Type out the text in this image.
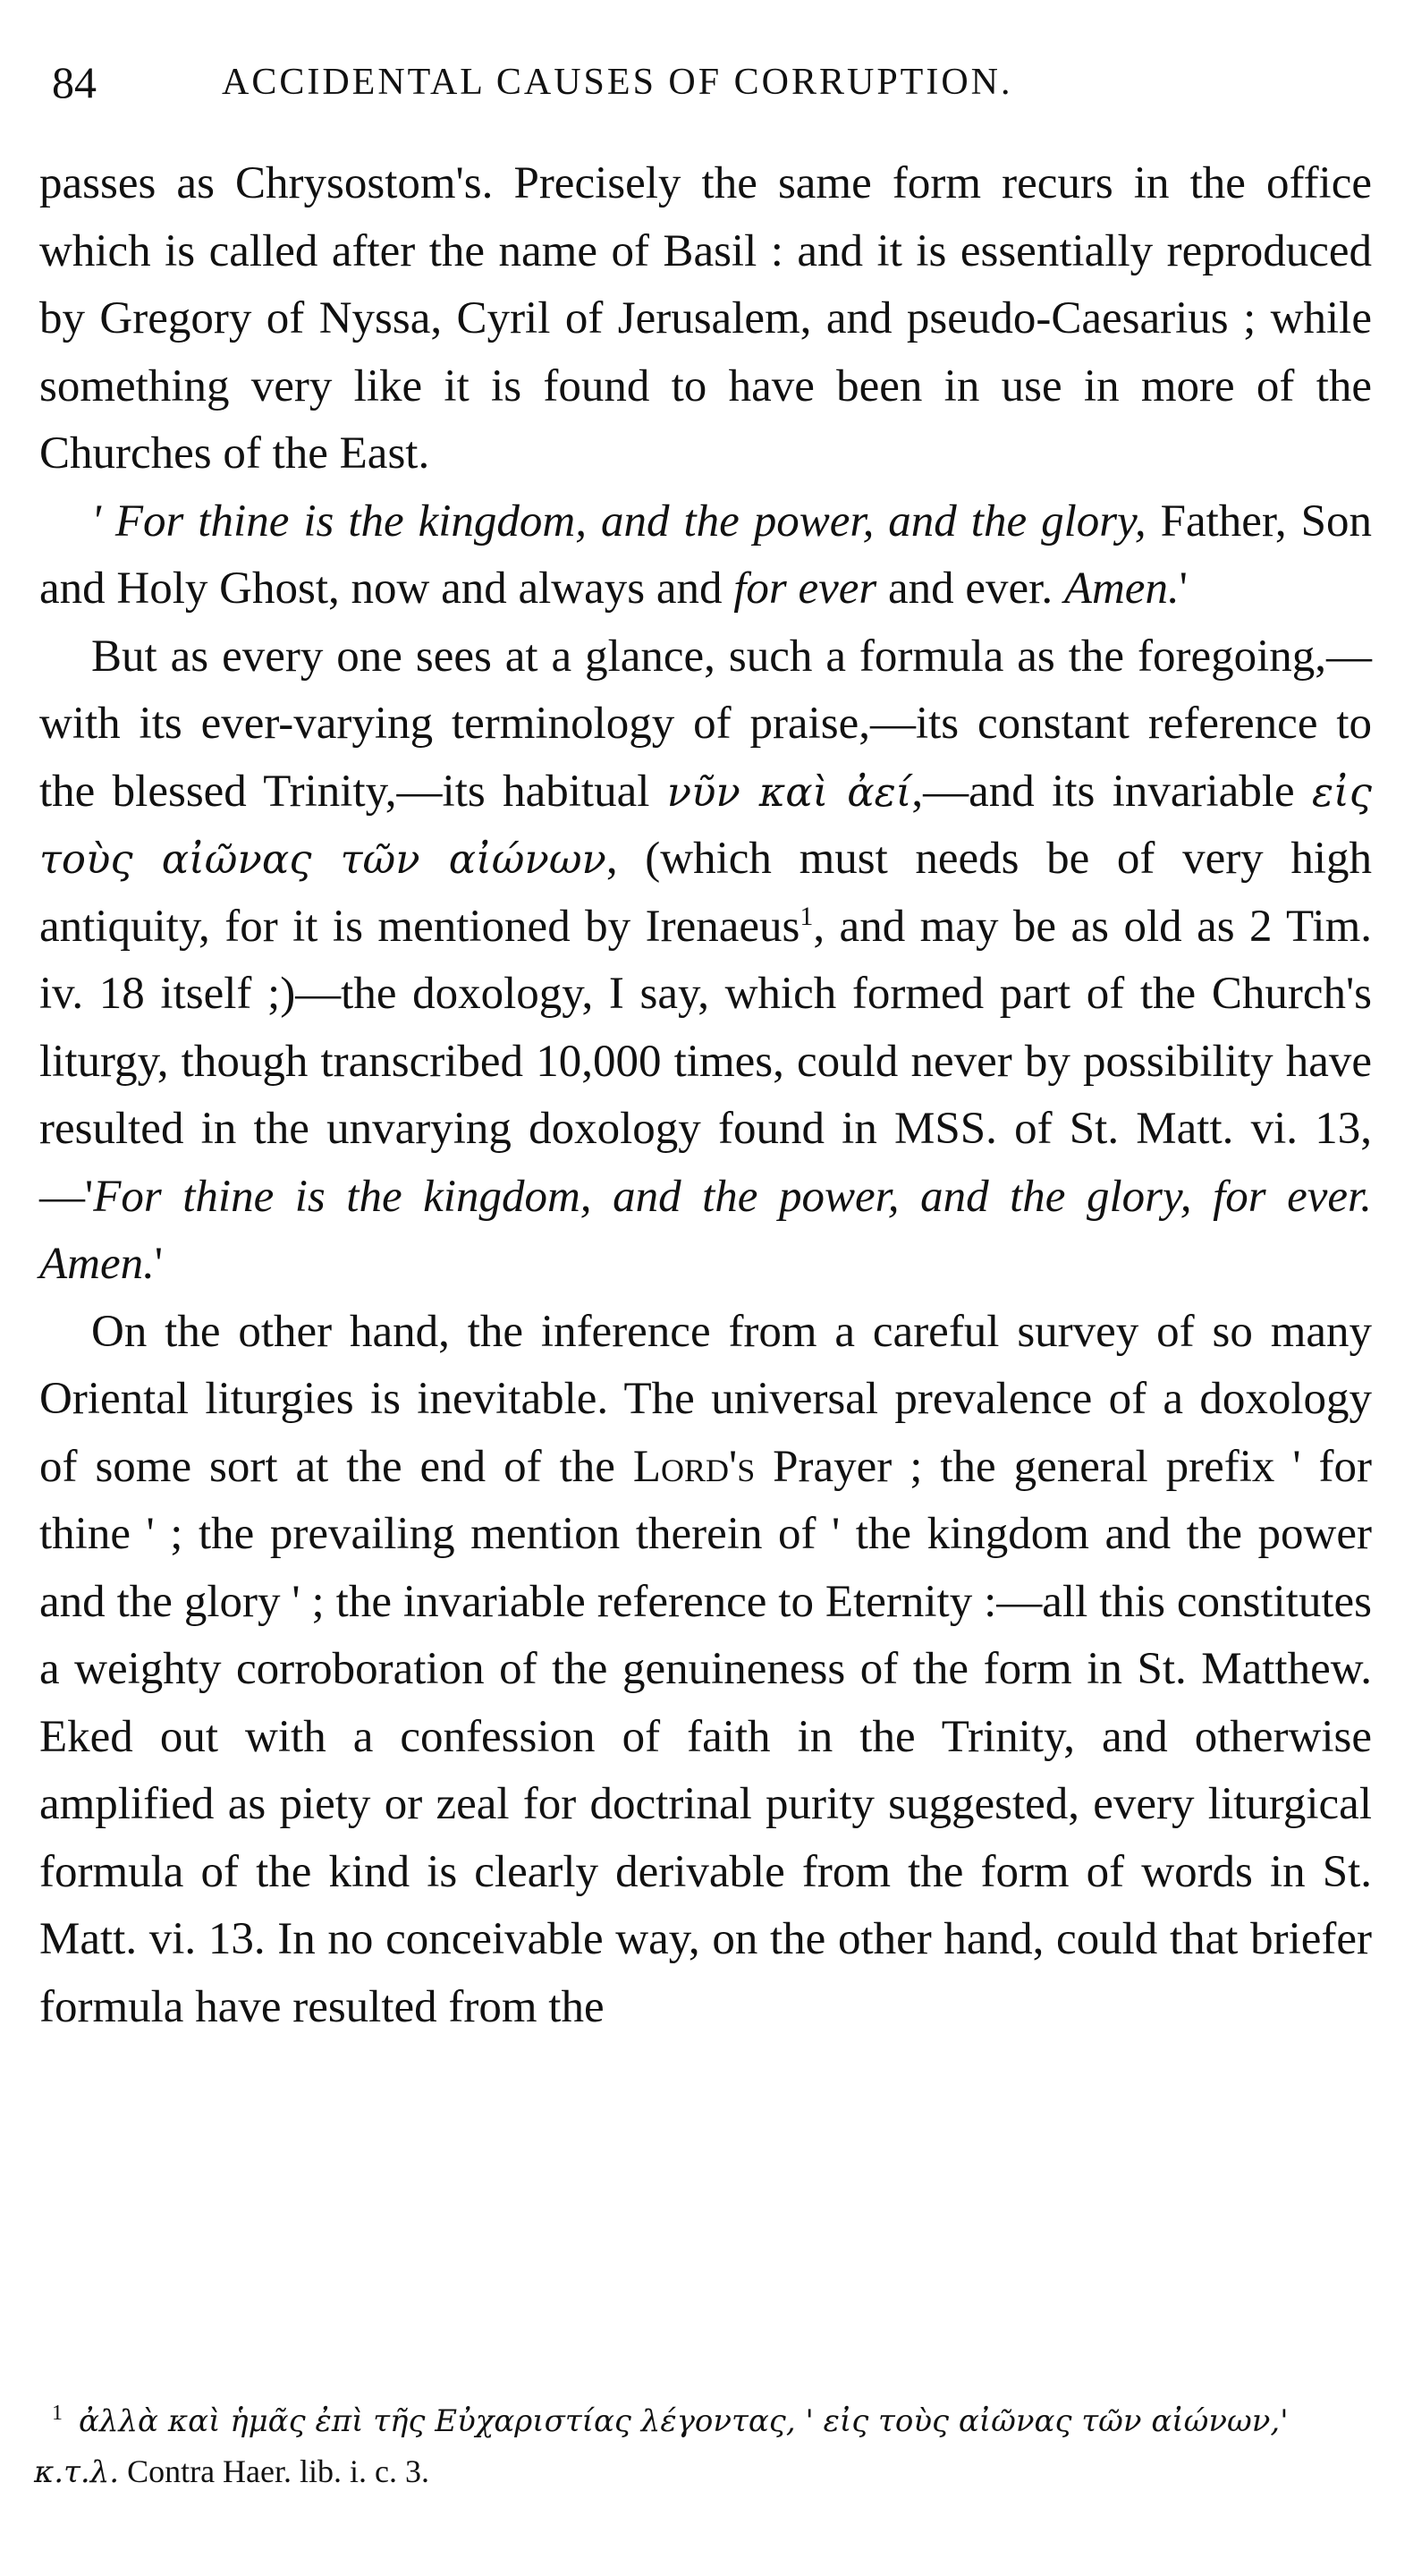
84	ACCIDENTAL CAUSES OF CORRUPTION.

passes as Chrysostom's. Precisely the same form recurs in the office which is called after the name of Basil : and it is essentially reproduced by Gregory of Nyssa, Cyril of Jerusalem, and pseudo-Caesarius ; while something very like it is found to have been in use in more of the Churches of the East.

' For thine is the kingdom, and the power, and the glory, Father, Son and Holy Ghost, now and always and for ever and ever. Amen.'

But as every one sees at a glance, such a formula as the foregoing,—with its ever-varying terminology of praise,—its constant reference to the blessed Trinity,—its habitual νῦν καὶ ἀεί,—and its invariable εἰς τοὺς αἰῶνας τῶν αἰώνων, (which must needs be of very high antiquity, for it is mentioned by Irenaeus$^1$, and may be as old as 2 Tim. iv. 18 itself ;)—the doxology, I say, which formed part of the Church's liturgy, though transcribed 10,000 times, could never by possibility have resulted in the unvarying doxology found in MSS. of St. Matt. vi. 13,—'For thine is the kingdom, and the power, and the glory, for ever. Amen.'

On the other hand, the inference from a careful survey of so many Oriental liturgies is inevitable. The universal prevalence of a doxology of some sort at the end of the Lord's Prayer ; the general prefix ' for thine ' ; the prevailing mention therein of ' the kingdom and the power and the glory ' ; the invariable reference to Eternity :—all this constitutes a weighty corroboration of the genuineness of the form in St. Matthew. Eked out with a confession of faith in the Trinity, and otherwise amplified as piety or zeal for doctrinal purity suggested, every liturgical formula of the kind is clearly derivable from the form of words in St. Matt. vi. 13. In no conceivable way, on the other hand, could that briefer formula have resulted from the

$^1$ ἀλλὰ καὶ ἡμᾶς ἐπὶ τῆς Εὐχαριστίας λέγοντας, ' εἰς τοὺς αἰῶνας τῶν αἰώνων,' κ.τ.λ. Contra Haer. lib. i. c. 3.
